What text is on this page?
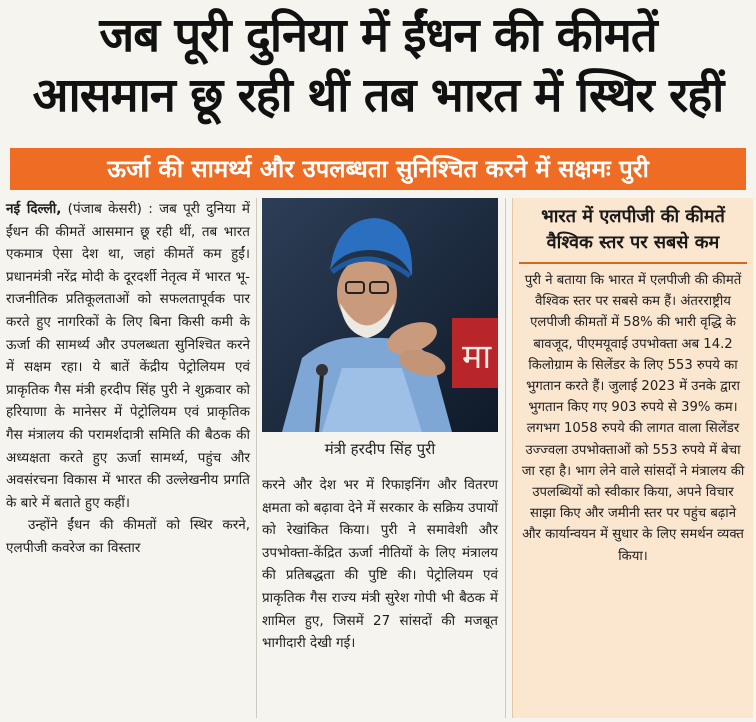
जब पूरी दुनिया में ईंधन की कीमतें
आसमान छू रही थीं तब भारत में स्थिर रहीं
ऊर्जा की सामर्थ्य और उपलब्धता सुनिश्चित करने में सक्षमः पुरी

नई दिल्ली, (पंजाब केसरी) : जब पूरी दुनिया में ईंधन की कीमतें आसमान छू रही थीं, तब भारत एकमात्र ऐसा देश था, जहां कीमतें कम हुईं। प्रधानमंत्री नरेंद्र मोदी के दूरदर्शी नेतृत्व में भारत भू-राजनीतिक प्रतिकूलताओं को सफलतापूर्वक पार करते हुए नागरिकों के लिए बिना किसी कमी के ऊर्जा की सामर्थ्य और उपलब्धता सुनिश्चित करने में सक्षम रहा। ये बातें केंद्रीय पेट्रोलियम एवं प्राकृतिक गैस मंत्री हरदीप सिंह पुरी ने शुक्रवार को हरियाणा के मानेसर में पेट्रोलियम एवं प्राकृतिक गैस मंत्रालय की परामर्शदात्री समिति की बैठक की अध्यक्षता करते हुए ऊर्जा सामर्थ्य, पहुंच और अवसंरचना विकास में भारत की उल्लेखनीय प्रगति के बारे में बताते हुए कहीं।

उन्होंने ईंधन की कीमतों को स्थिर करने, एलपीजी कवरेज का विस्तार

मा
मंत्री हरदीप सिंह पुरी

करने और देश भर में रिफाइनिंग और वितरण क्षमता को बढ़ावा देने में सरकार के सक्रिय उपायों को रेखांकित किया। पुरी ने समावेशी और उपभोक्ता-केंद्रित ऊर्जा नीतियों के लिए मंत्रालय की प्रतिबद्धता की पुष्टि की। पेट्रोलियम एवं प्राकृतिक गैस राज्य मंत्री सुरेश गोपी भी बैठक में शामिल हुए, जिसमें 27 सांसदों की मजबूत भागीदारी देखी गई।

भारत में एलपीजी की कीमतें वैश्विक स्तर पर सबसे कम
पुरी ने बताया कि भारत में एलपीजी की कीमतें वैश्विक स्तर पर सबसे कम हैं। अंतरराष्ट्रीय एलपीजी कीमतों में 58% की भारी वृद्धि के बावजूद, पीएमयूवाई उपभोक्ता अब 14.2 किलोग्राम के सिलेंडर के लिए 553 रुपये का भुगतान करते हैं। जुलाई 2023 में उनके द्वारा भुगतान किए गए 903 रुपये से 39% कम। लगभग 1058 रुपये की लागत वाला सिलेंडर उज्ज्वला उपभोक्ताओं को 553 रुपये में बेचा जा रहा है। भाग लेने वाले सांसदों ने मंत्रालय की उपलब्धियों को स्वीकार किया, अपने विचार साझा किए और जमीनी स्तर पर पहुंच बढ़ाने और कार्यान्वयन में सुधार के लिए समर्थन व्यक्त किया।
